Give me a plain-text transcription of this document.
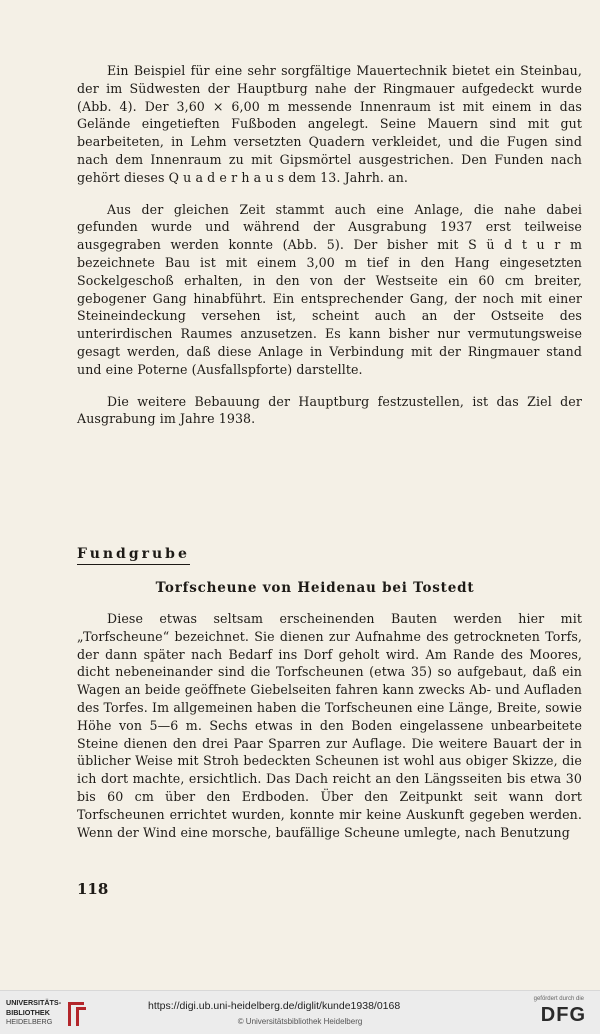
Ein Beispiel für eine sehr sorgfältige Mauertechnik bietet ein Steinbau, der im Südwesten der Hauptburg nahe der Ringmauer aufgedeckt wurde (Abb. 4). Der 3,60 × 6,00 m messende Innenraum ist mit einem in das Gelände eingetieften Fußboden angelegt. Seine Mauern sind mit gut bearbeiteten, in Lehm versetzten Quadern verkleidet, und die Fugen sind nach dem Innenraum zu mit Gipsmörtel ausgestrichen. Den Funden nach gehört dieses Q u a d e r h a u s dem 13. Jahrh. an.

Aus der gleichen Zeit stammt auch eine Anlage, die nahe dabei gefunden wurde und während der Ausgrabung 1937 erst teilweise ausgegraben werden konnte (Abb. 5). Der bisher mit S ü d t u r m bezeichnete Bau ist mit einem 3,00 m tief in den Hang eingesetzten Sockelgeschoß erhalten, in den von der Westseite ein 60 cm breiter, gebogener Gang hinabführt. Ein entsprechender Gang, der noch mit einer Steineindeckung versehen ist, scheint auch an der Ostseite des unterirdischen Raumes anzusetzen. Es kann bisher nur vermutungsweise gesagt werden, daß diese Anlage in Verbindung mit der Ringmauer stand und eine Poterne (Ausfallspforte) darstellte.

Die weitere Bebauung der Hauptburg festzustellen, ist das Ziel der Ausgrabung im Jahre 1938.

Fundgrube

Torfscheune von Heidenau bei Tostedt

Diese etwas seltsam erscheinenden Bauten werden hier mit „Torfscheune“ bezeichnet. Sie dienen zur Aufnahme des getrockneten Torfs, der dann später nach Bedarf ins Dorf geholt wird. Am Rande des Moores, dicht nebeneinander sind die Torfscheunen (etwa 35) so aufgebaut, daß ein Wagen an beide geöffnete Giebelseiten fahren kann zwecks Ab- und Aufladen des Torfes. Im allgemeinen haben die Torfscheunen eine Länge, Breite, sowie Höhe von 5—6 m. Sechs etwas in den Boden eingelassene unbearbeitete Steine dienen den drei Paar Sparren zur Auflage. Die weitere Bauart der in üblicher Weise mit Stroh bedeckten Scheunen ist wohl aus obiger Skizze, die ich dort machte, ersichtlich. Das Dach reicht an den Längsseiten bis etwa 30 bis 60 cm über den Erdboden. Über den Zeitpunkt seit wann dort Torfscheunen errichtet wurden, konnte mir keine Auskunft gegeben werden. Wenn der Wind eine morsche, baufällige Scheune umlegte, nach Benutzung

118

UNIVERSITÄTS-
BIBLIOTHEK
HEIDELBERG
https://digi.ub.uni-heidelberg.de/diglit/kunde1938/0168
© Universitätsbibliothek Heidelberg
gefördert durch die
DFG
